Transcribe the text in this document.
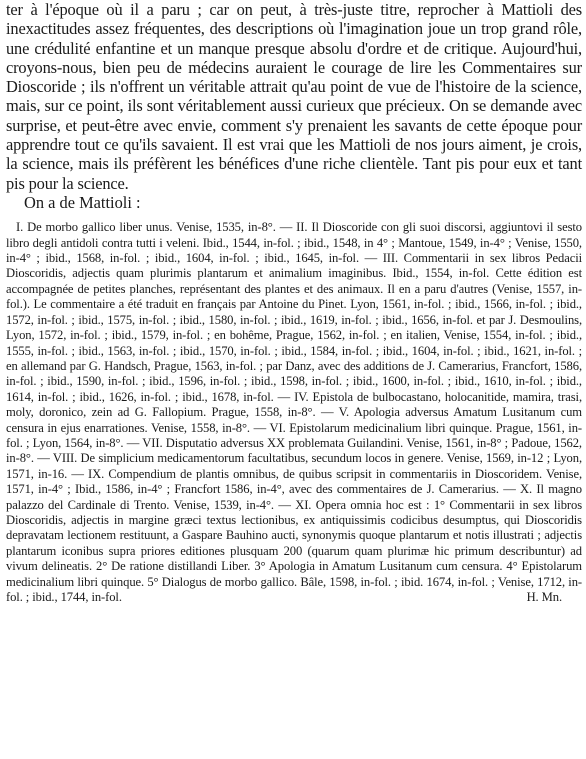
ter à l'époque où il a paru ; car on peut, à très-juste titre, reprocher à Mattioli des inexactitudes assez fréquentes, des descriptions où l'imagination joue un trop grand rôle, une crédulité enfantine et un manque presque absolu d'ordre et de critique. Aujourd'hui, croyons-nous, bien peu de médecins auraient le courage de lire les Commentaires sur Dioscoride ; ils n'offrent un véritable attrait qu'au point de vue de l'histoire de la science, mais, sur ce point, ils sont véritablement aussi curieux que précieux. On se demande avec surprise, et peut-être avec envie, comment s'y prenaient les savants de cette époque pour apprendre tout ce qu'ils savaient. Il est vrai que les Mattioli de nos jours aiment, je crois, la science, mais ils préfèrent les bénéfices d'une riche clientèle. Tant pis pour eux et tant pis pour la science.

On a de Mattioli :

I. De morbo gallico liber unus. Venise, 1535, in-8°. — II. Il Dioscoride con gli suoi discorsi, aggiuntovi il sesto libro degli antidoli contra tutti i veleni. Ibid., 1544, in-fol. ; ibid., 1548, in 4° ; Mantoue, 1549, in-4° ; Venise, 1550, in-4° ; ibid., 1568, in-fol. ; ibid., 1604, in-fol. ; ibid., 1645, in-fol. — III. Commentarii in sex libros Pedacii Dioscoridis, adjectis quam plurimis plantarum et animalium imaginibus. Ibid., 1554, in-fol. Cette édition est accompagnée de petites planches, représentant des plantes et des animaux. Il en a paru d'autres (Venise, 1557, in-fol.). Le commentaire a été traduit en français par Antoine du Pinet. Lyon, 1561, in-fol. ; ibid., 1566, in-fol. ; ibid., 1572, in-fol. ; ibid., 1575, in-fol. ; ibid., 1580, in-fol. ; ibid., 1619, in-fol. ; ibid., 1656, in-fol. et par J. Desmoulins, Lyon, 1572, in-fol. ; ibid., 1579, in-fol. ; en bohême, Prague, 1562, in-fol. ; en italien, Venise, 1554, in-fol. ; ibid., 1555, in-fol. ; ibid., 1563, in-fol. ; ibid., 1570, in-fol. ; ibid., 1584, in-fol. ; ibid., 1604, in-fol. ; ibid., 1621, in-fol. ; en allemand par G. Handsch, Prague, 1563, in-fol. ; par Danz, avec des additions de J. Camerarius, Francfort, 1586, in-fol. ; ibid., 1590, in-fol. ; ibid., 1596, in-fol. ; ibid., 1598, in-fol. ; ibid., 1600, in-fol. ; ibid., 1610, in-fol. ; ibid., 1614, in-fol. ; ibid., 1626, in-fol. ; ibid., 1678, in-fol. — IV. Epistola de bulbocastano, holocanitide, mamira, trasi, moly, doronico, zein ad G. Fallopium. Prague, 1558, in-8°. — V. Apologia adversus Amatum Lusitanum cum censura in ejus enarrationes. Venise, 1558, in-8°. — VI. Epistolarum medicinalium libri quinque. Prague, 1561, in-fol. ; Lyon, 1564, in-8°. — VII. Disputatio adversus XX problemata Guilandini. Venise, 1561, in-8° ; Padoue, 1562, in-8°. — VIII. De simplicium medicamentorum facultatibus, secundum locos in genere. Venise, 1569, in-12 ; Lyon, 1571, in-16. — IX. Compendium de plantis omnibus, de quibus scripsit in commentariis in Dioscoridem. Venise, 1571, in-4° ; Ibid., 1586, in-4° ; Francfort 1586, in-4°, avec des commentaires de J. Camerarius. — X. Il magno palazzo del Cardinale di Trento. Venise, 1539, in-4°. — XI. Opera omnia hoc est : 1° Commentarii in sex libros Dioscoridis, adjectis in margine græci textus lectionibus, ex antiquissimis codicibus desumptus, qui Dioscoridis depravatam lectionem restituunt, a Gaspare Bauhino aucti, synonymis quoque plantarum et notis illustrati ; adjectis plantarum iconibus supra priores editiones plusquam 200 (quarum quam plurimæ hic primum describuntur) ad vivum delineatis. 2° De ratione distillandi Liber. 3° Apologia in Amatum Lusitanum cum censura. 4° Epistolarum medicinalium libri quinque. 5° Dialogus de morbo gallico. Bâle, 1598, in-fol. ; ibid. 1674, in-fol. ; Venise, 1712, in-fol. ; ibid., 1744, in-fol.	H. Mn.
